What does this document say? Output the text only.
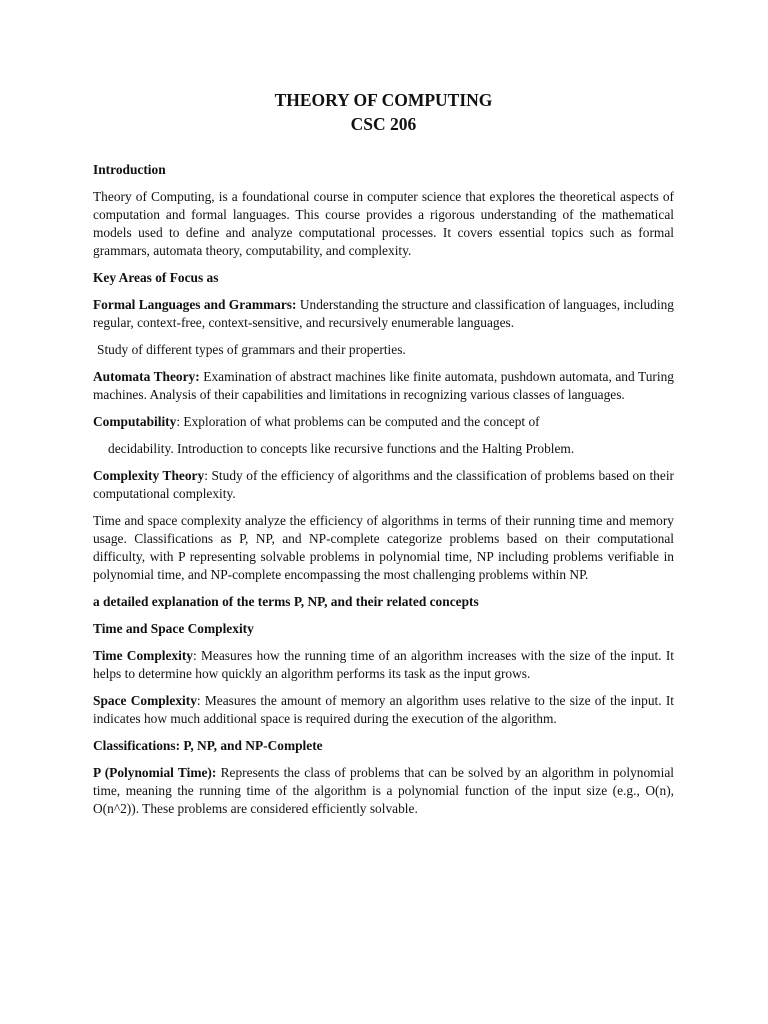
THEORY OF COMPUTING
CSC 206

Introduction

Theory of Computing, is a foundational course in computer science that explores the theoretical aspects of computation and formal languages. This course provides a rigorous understanding of the mathematical models used to define and analyze computational processes. It covers essential topics such as formal grammars, automata theory, computability, and complexity.

Key Areas of Focus as

Formal Languages and Grammars: Understanding the structure and classification of languages, including regular, context-free, context-sensitive, and recursively enumerable languages.

Study of different types of grammars and their properties.

Automata Theory: Examination of abstract machines like finite automata, pushdown automata, and Turing machines. Analysis of their capabilities and limitations in recognizing various classes of languages.

Computability: Exploration of what problems can be computed and the concept of

decidability. Introduction to concepts like recursive functions and the Halting Problem.

Complexity Theory: Study of the efficiency of algorithms and the classification of problems based on their computational complexity.

Time and space complexity analyze the efficiency of algorithms in terms of their running time and memory usage. Classifications as P, NP, and NP-complete categorize problems based on their computational difficulty, with P representing solvable problems in polynomial time, NP including problems verifiable in polynomial time, and NP-complete encompassing the most challenging problems within NP.

a detailed explanation of the terms P, NP, and their related concepts

Time and Space Complexity

Time Complexity: Measures how the running time of an algorithm increases with the size of the input. It helps to determine how quickly an algorithm performs its task as the input grows.

Space Complexity: Measures the amount of memory an algorithm uses relative to the size of the input. It indicates how much additional space is required during the execution of the algorithm.

Classifications: P, NP, and NP-Complete

P (Polynomial Time): Represents the class of problems that can be solved by an algorithm in polynomial time, meaning the running time of the algorithm is a polynomial function of the input size (e.g., O(n), O(n^2)). These problems are considered efficiently solvable.
